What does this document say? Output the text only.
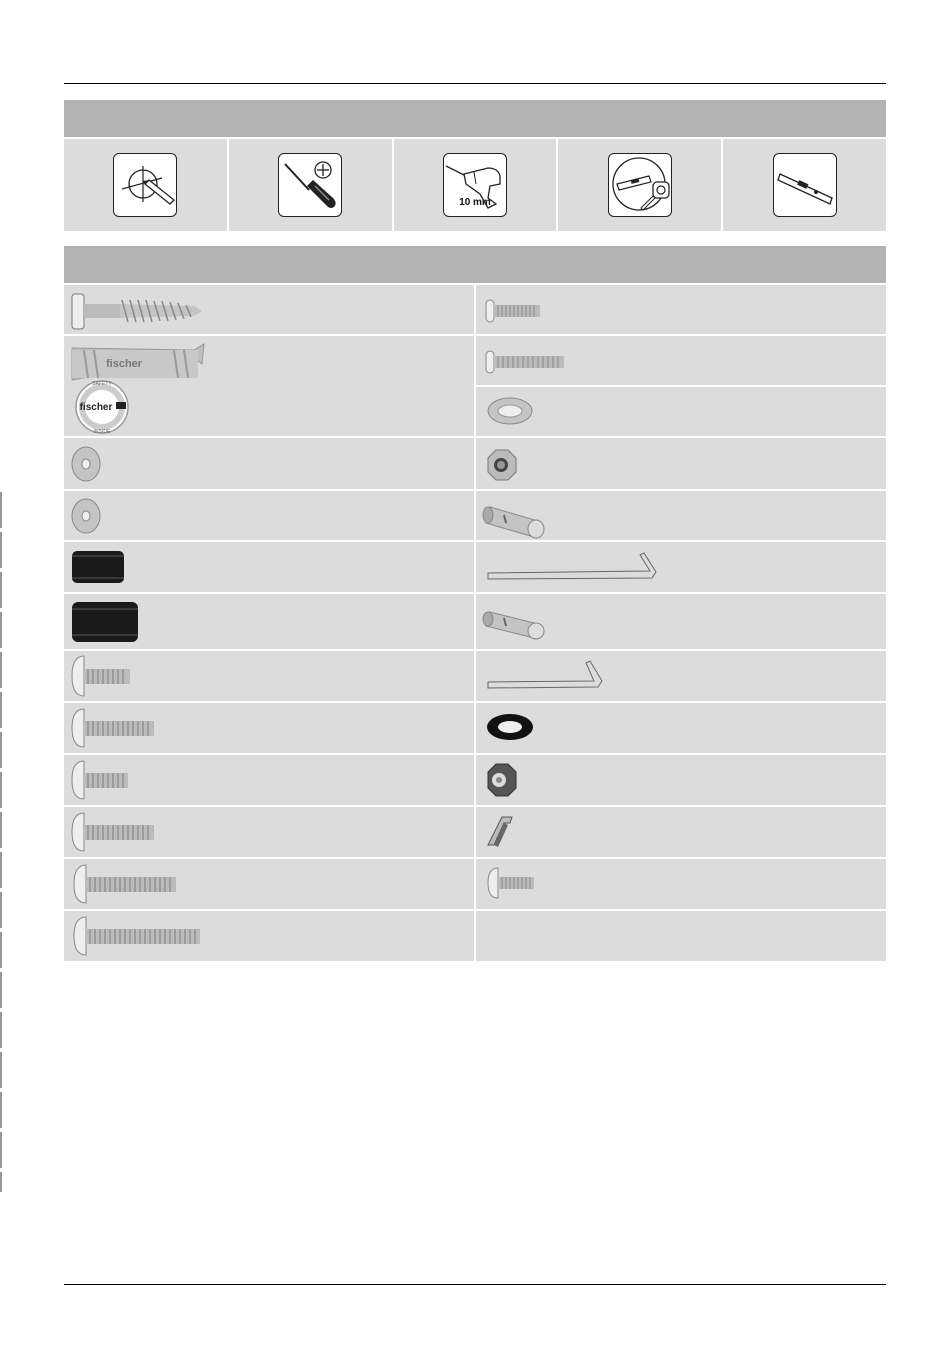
10 mm
fischer
SAFETY
INSIDE
fischer
